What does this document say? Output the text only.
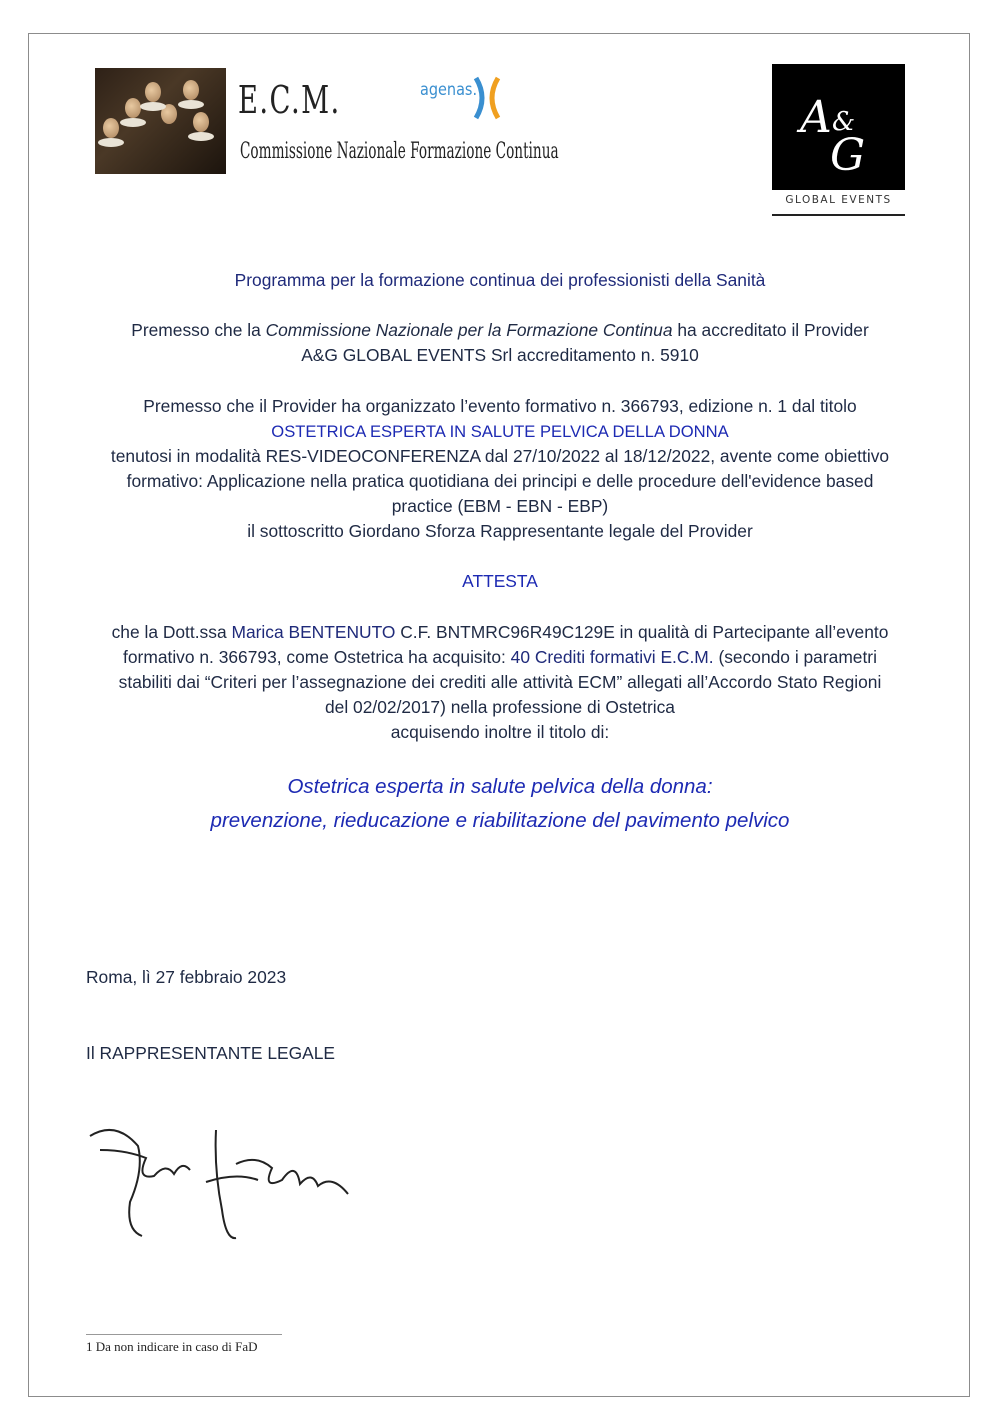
E.C.M.
Commissione Nazionale Formazione Continua
agenas.
A &
G
GLOBAL EVENTS
Programma per la formazione continua dei professionisti della Sanità
Premesso che la Commissione Nazionale per la Formazione Continua ha accreditato il Provider
A&G GLOBAL EVENTS Srl accreditamento n. 5910
Premesso che il Provider ha organizzato l’evento formativo n. 366793, edizione n. 1 dal titolo
OSTETRICA ESPERTA IN SALUTE PELVICA DELLA DONNA
tenutosi in modalità RES-VIDEOCONFERENZA dal 27/10/2022 al 18/12/2022, avente come obiettivo
formativo: Applicazione nella pratica quotidiana dei principi e delle procedure dell'evidence based
practice (EBM - EBN - EBP)
il sottoscritto Giordano Sforza Rappresentante legale del Provider
ATTESTA
che la Dott.ssa Marica BENTENUTO C.F. BNTMRC96R49C129E in qualità di Partecipante all’evento
formativo n. 366793, come Ostetrica ha acquisito: 40 Crediti formativi E.C.M. (secondo i parametri
stabiliti dai “Criteri per l’assegnazione dei crediti alle attività ECM” allegati all’Accordo Stato Regioni
del 02/02/2017) nella professione di Ostetrica
acquisendo inoltre il titolo di:
Ostetrica esperta in salute pelvica della donna:
prevenzione, rieducazione e riabilitazione del pavimento pelvico
Roma, lì 27 febbraio 2023
Il RAPPRESENTANTE LEGALE
1 Da non indicare in caso di FaD
